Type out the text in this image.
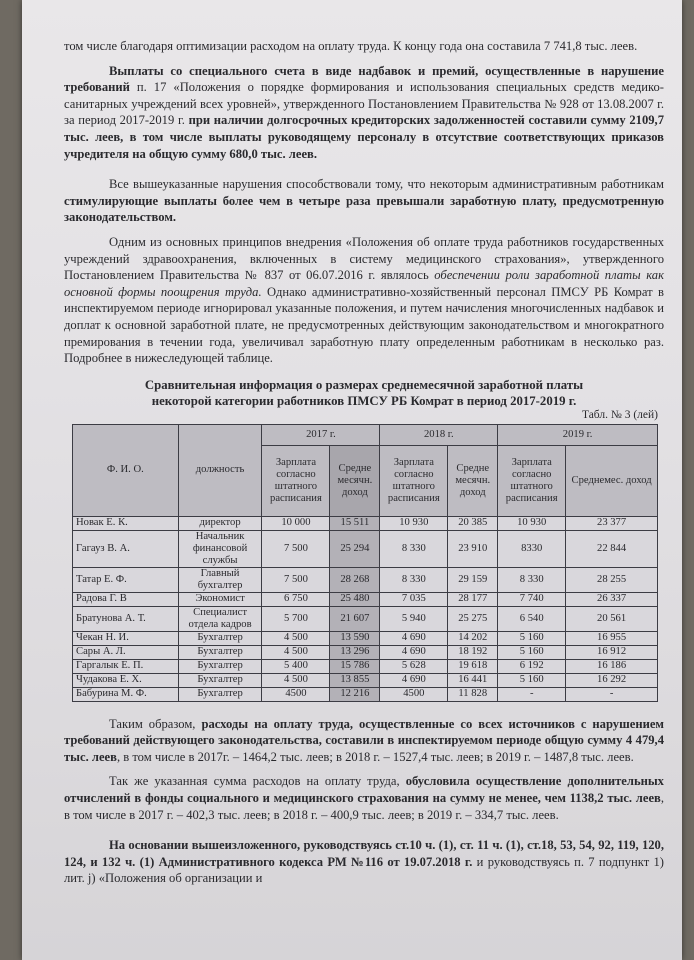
том числе благодаря оптимизации расходом на оплату труда. К концу года она составила 7 741,8 тыс. леев.

Выплаты со специального счета в виде надбавок и премий, осуществленные в нарушение требований п. 17 «Положения о порядке формирования и использования специальных средств медико-санитарных учреждений всех уровней», утвержденного Постановлением Правительства № 928 от 13.08.2007 г. за период 2017-2019 г. при наличии долгосрочных кредиторских задолженностей составили сумму 2109,7 тыс. леев, в том числе выплаты руководящему персоналу в отсутствие соответствующих приказов учредителя на общую сумму 680,0 тыс. леев.

Все вышеуказанные нарушения способствовали тому, что некоторым административным работникам стимулирующие выплаты более чем в четыре раза превышали заработную плату, предусмотренную законодательством.

Одним из основных принципов внедрения «Положения об оплате труда работников государственных учреждений здравоохранения, включенных в систему медицинского страхования», утвержденного Постановлением Правительства № 837 от 06.07.2016 г. являлось обеспечении роли заработной платы как основной формы поощрения труда. Однако административно-хозяйственный персонал ПМСУ РБ Комрат в инспектируемом периоде игнорировал указанные положения, и путем начисления многочисленных надбавок и доплат к основной заработной плате, не предусмотренных действующим законодательством и многократного премирования в течении года, увеличивал заработную плату определенным работникам в несколько раз. Подробнее в нижеследующей таблице.

Сравнительная информация о размерах среднемесячной заработной платы
некоторой категории работников ПМСУ РБ Комрат в период 2017-2019 г.
Табл. № 3 (лей)
Ф. И. О.	должность	2017 г.		2018 г.		2019 г.	
		Зарплата согласно штатного расписания	Средне месячн. доход	Зарплата согласно штатного расписания	Средне месячн. доход	Зарплата согласно штатного расписания	Среднемес. доход
Новак Е. К.	директор	10 000	15 511	10 930	20 385	10 930	23 377
Гагауз В. А.	Начальник финансовой службы	7 500	25 294	8 330	23 910	8330	22 844
Татар Е. Ф.	Главный бухгалтер	7 500	28 268	8 330	29 159	8 330	28 255
Радова Г. В	Экономист	6 750	25 480	7 035	28 177	7 740	26 337
Братунова А. Т.	Специалист отдела кадров	5 700	21 607	5 940	25 275	6 540	20 561
Чекан Н. И.	Бухгалтер	4 500	13 590	4 690	14 202	5 160	16 955
Сары А. Л.	Бухгалтер	4 500	13 296	4 690	18 192	5 160	16 912
Гаргалык Е. П.	Бухгалтер	5 400	15 786	5 628	19 618	6 192	16 186
Чудакова Е. Х.	Бухгалтер	4 500	13 855	4 690	16 441	5 160	16 292
Бабурина М. Ф.	Бухгалтер	4500	12 216	4500	11 828	-	-

Таким образом, расходы на оплату труда, осуществленные со всех источников с нарушением требований действующего законодательства, составили в инспектируемом периоде общую сумму 4 479,4 тыс. леев, в том числе в 2017г. – 1464,2 тыс. леев; в 2018 г. – 1527,4 тыс. леев; в 2019 г. – 1487,8 тыс. леев.

Так же указанная сумма расходов на оплату труда, обусловила осуществление дополнительных отчислений в фонды социального и медицинского страхования на сумму не менее, чем 1138,2 тыс. леев, в том числе в 2017 г. – 402,3 тыс. леев; в 2018 г. – 400,9 тыс. леев; в 2019 г. – 334,7 тыс. леев.

На основании вышеизложенного, руководствуясь ст.10 ч. (1), ст. 11 ч. (1), ст.18, 53, 54, 92, 119, 120, 124, и 132 ч. (1) Административного кодекса РМ №116 от 19.07.2018 г. и руководствуясь п. 7 подпункт 1) лит. j) «Положения об организации и
